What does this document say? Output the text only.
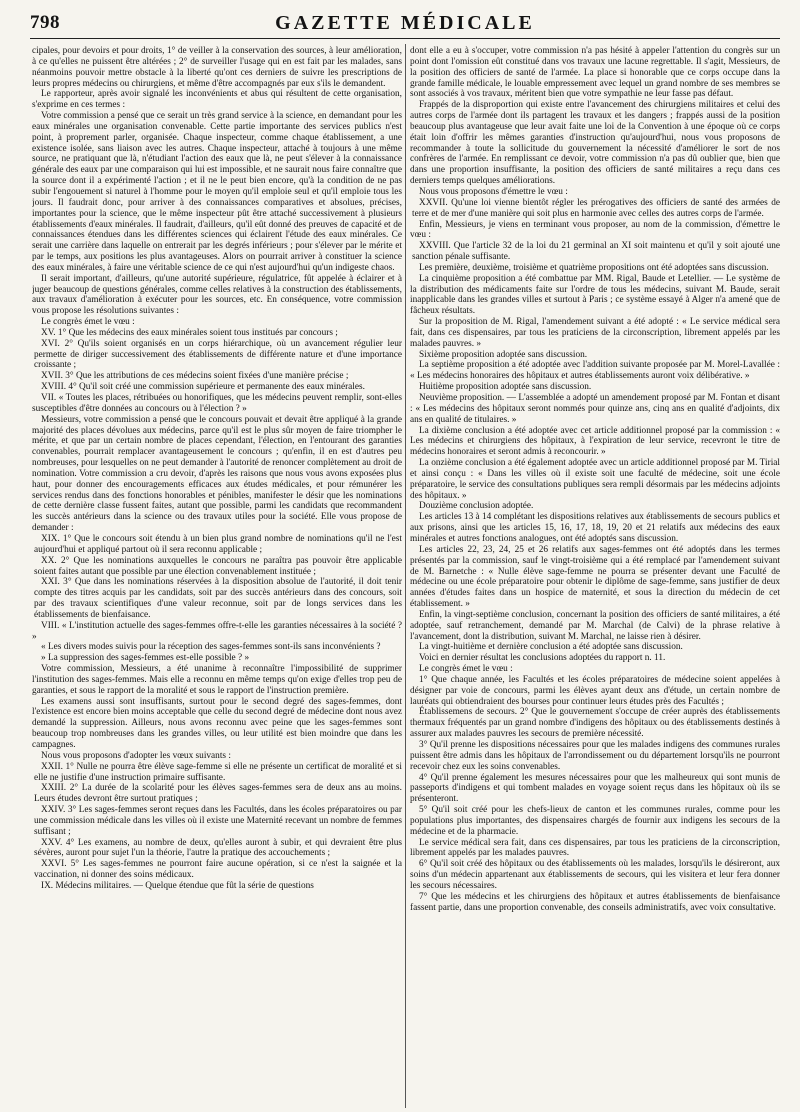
798	GAZETTE MÉDICALE

cipales, pour devoirs et pour droits, 1° de veiller à la conservation des sources, à leur amélioration, à ce qu'elles ne puissent être altérées ; 2° de surveiller l'usage qui en est fait par les malades, sans néanmoins pouvoir mettre obstacle à la liberté qu'ont ces derniers de suivre les prescriptions de leurs propres médecins ou chirurgiens, et même d'être accompagnés par eux s'ils le demandent.

Le rapporteur, après avoir signalé les inconvénients et abus qui résultent de cette organisation, s'exprime en ces termes :

Votre commission a pensé que ce serait un très grand service à la science, en demandant pour les eaux minérales une organisation convenable. Cette partie importante des services publics n'est point, à proprement parler, organisée. Chaque inspecteur, comme chaque établissement, a une existence isolée, sans liaison avec les autres. Chaque inspecteur, attaché à toujours à une même source, ne pratiquant que là, n'étudiant l'action des eaux que là, ne peut s'élever à la connaissance générale des eaux par une comparaison qui lui est impossible, et ne saurait nous faire connaître que la source dont il a expérimenté l'action ; et il ne le peut bien encore, qu'à la condition de ne pas subir l'engouement si naturel à l'homme pour le moyen qu'il emploie seul et qu'il emploie tous les jours. Il faudrait donc, pour arriver à des connaissances comparatives et absolues, précises, importantes pour la science, que le même inspecteur pût être attaché successivement à plusieurs établissements d'eaux minérales. Il faudrait, d'ailleurs, qu'il eût donné des preuves de capacité et de connaissances étendues dans les différentes sciences qui éclairent l'étude des eaux minérales. Ce serait une carrière dans laquelle on entrerait par les degrés inférieurs ; pour s'élever par le mérite et par le temps, aux positions les plus avantageuses. Alors on pourrait arriver à constituer la science des eaux minérales, à faire une véritable science de ce qui n'est aujourd'hui qu'un indigeste chaos.

Il serait important, d'ailleurs, qu'une autorité supérieure, régulatrice, fût appelée à éclairer et à juger beaucoup de questions générales, comme celles relatives à la construction des établissements, aux travaux d'amélioration à exécuter pour les sources, etc. En conséquence, votre commission vous propose les résolutions suivantes :

Le congrès émet le vœu :

XV. 1° Que les médecins des eaux minérales soient tous institués par concours ;

XVI. 2° Qu'ils soient organisés en un corps hiérarchique, où un avancement régulier leur permette de diriger successivement des établissements de différente nature et d'une importance croissante ;

XVII. 3° Que les attributions de ces médecins soient fixées d'une manière précise ;

XVIII. 4° Qu'il soit créé une commission supérieure et permanente des eaux minérales.

VII. « Toutes les places, rétribuées ou honorifiques, que les médecins peuvent remplir, sont-elles susceptibles d'être données au concours ou à l'élection ? »

Messieurs, votre commission a pensé que le concours pouvait et devait être appliqué à la grande majorité des places dévolues aux médecins, parce qu'il est le plus sûr moyen de faire triompher le mérite, et que par un certain nombre de places cependant, l'élection, en l'entourant des garanties convenables, pourrait remplacer avantageusement le concours ; qu'enfin, il en est d'autres peu nombreuses, pour lesquelles on ne peut demander à l'autorité de renoncer complètement au droit de nomination. Votre commission a cru devoir, d'après les raisons que nous vous avons exposées plus haut, pour donner des encouragements efficaces aux études médicales, et pour rémunérer les services rendus dans des fonctions honorables et pénibles, manifester le désir que les nominations de cette dernière classe fussent faites, autant que possible, parmi les candidats que recommandent les succès antérieurs dans la science ou des travaux utiles pour la société. Elle vous propose de demander :

XIX. 1° Que le concours soit étendu à un bien plus grand nombre de nominations qu'il ne l'est aujourd'hui et appliqué partout où il sera reconnu applicable ;

XX. 2° Que les nominations auxquelles le concours ne paraîtra pas pouvoir être applicable soient faites autant que possible par une élection convenablement instituée ;

XXI. 3° Que dans les nominations réservées à la disposition absolue de l'autorité, il doit tenir compte des titres acquis par les candidats, soit par des succès antérieurs dans des concours, soit par des travaux scientifiques d'une valeur reconnue, soit par de longs services dans les établissements de bienfaisance.

VIII. « L'institution actuelle des sages-femmes offre-t-elle les garanties nécessaires à la société ? »

« Les divers modes suivis pour la réception des sages-femmes sont-ils sans inconvénients ?

» La suppression des sages-femmes est-elle possible ? »

Votre commission, Messieurs, a été unanime à reconnaître l'impossibilité de supprimer l'institution des sages-femmes. Mais elle a reconnu en même temps qu'on exige d'elles trop peu de garanties, et sous le rapport de la moralité et sous le rapport de l'instruction première.

Les examens aussi sont insuffisants, surtout pour le second degré des sages-femmes, dont l'existence est encore bien moins acceptable que celle du second degré de médecine dont nous avez demandé la suppression. Ailleurs, nous avons reconnu avec peine que les sages-femmes sont beaucoup trop nombreuses dans les grandes villes, ou leur utilité est bien moindre que dans les campagnes.

Nous vous proposons d'adopter les vœux suivants :

XXII. 1° Nulle ne pourra être élève sage-femme si elle ne présente un certificat de moralité et si elle ne justifie d'une instruction primaire suffisante.

XXIII. 2° La durée de la scolarité pour les élèves sages-femmes sera de deux ans au moins. Leurs études devront être surtout pratiques ;

XXIV. 3° Les sages-femmes seront reçues dans les Facultés, dans les écoles préparatoires ou par une commission médicale dans les villes où il existe une Maternité recevant un nombre de femmes suffisant ;

XXV. 4° Les examens, au nombre de deux, qu'elles auront à subir, et qui devraient être plus sévères, auront pour sujet l'un la théorie, l'autre la pratique des accouchements ;

XXVI. 5° Les sages-femmes ne pourront faire aucune opération, si ce n'est la saignée et la vaccination, ni donner des soins médicaux.

IX. Médecins militaires. — Quelque étendue que fût la série de questions

dont elle a eu à s'occuper, votre commission n'a pas hésité à appeler l'attention du congrès sur un point dont l'omission eût constitué dans vos travaux une lacune regrettable. Il s'agit, Messieurs, de la position des officiers de santé de l'armée. La place si honorable que ce corps occupe dans la grande famille médicale, le louable empressement avec lequel un grand nombre de ses membres se sont associés à vos travaux, méritent bien que votre sympathie ne leur fasse pas défaut.

Frappés de la disproportion qui existe entre l'avancement des chirurgiens militaires et celui des autres corps de l'armée dont ils partagent les travaux et les dangers ; frappés aussi de la position beaucoup plus avantageuse que leur avait faite une loi de la Convention à une époque où ce corps était loin d'offrir les mêmes garanties d'instruction qu'aujourd'hui, nous vous proposons de recommander à toute la sollicitude du gouvernement la nécessité d'améliorer le sort de nos confrères de l'armée. En remplissant ce devoir, votre commission n'a pas dû oublier que, bien que dans une proportion insuffisante, la position des officiers de santé militaires a reçu dans ces derniers temps quelques améliorations.

Nous vous proposons d'émettre le vœu :

XXVII. Qu'une loi vienne bientôt régler les prérogatives des officiers de santé des armées de terre et de mer d'une manière qui soit plus en harmonie avec celles des autres corps de l'armée.

Enfin, Messieurs, je viens en terminant vous proposer, au nom de la commission, d'émettre le vœu :

XXVIII. Que l'article 32 de la loi du 21 germinal an XI soit maintenu et qu'il y soit ajouté une sanction pénale suffisante.

Les première, deuxième, troisième et quatrième propositions ont été adoptées sans discussion.

La cinquième proposition a été combattue par MM. Rigal, Baude et Letellier. — Le système de la distribution des médicaments faite sur l'ordre de tous les médecins, suivant M. Baude, serait inapplicable dans les grandes villes et surtout à Paris ; ce système essayé à Alger n'a amené que de fâcheux résultats.

Sur la proposition de M. Rigal, l'amendement suivant a été adopté : « Le service médical sera fait, dans ces dispensaires, par tous les praticiens de la circonscription, librement appelés par les malades pauvres. »

Sixième proposition adoptée sans discussion.

La septième proposition a été adoptée avec l'addition suivante proposée par M. Morel-Lavallée : « Les médecins honoraires des hôpitaux et autres établissements auront voix délibérative. »

Huitième proposition adoptée sans discussion.

Neuvième proposition. — L'assemblée a adopté un amendement proposé par M. Fontan et disant : « Les médecins des hôpitaux seront nommés pour quinze ans, cinq ans en qualité d'adjoints, dix ans en qualité de titulaires. »

La dixième conclusion a été adoptée avec cet article additionnel proposé par la commission : « Les médecins et chirurgiens des hôpitaux, à l'expiration de leur service, recevront le titre de médecins honoraires et seront admis à reconcourir. »

La onzième conclusion a été également adoptée avec un article additionnel proposé par M. Tirial et ainsi conçu : « Dans les villes où il existe soit une faculté de médecine, soit une école préparatoire, le service des consultations publiques sera rempli désormais par les médecins adjoints des hôpitaux. »

Douzième conclusion adoptée.

Les articles 13 à 14 complétant les dispositions relatives aux établissements de secours publics et aux prisons, ainsi que les articles 15, 16, 17, 18, 19, 20 et 21 relatifs aux médecins des eaux minérales et autres fonctions analogues, ont été adoptés sans discussion.

Les articles 22, 23, 24, 25 et 26 relatifs aux sages-femmes ont été adoptés dans les termes présentés par la commission, sauf le vingt-troisième qui a été remplacé par l'amendement suivant de M. Barnetche : « Nulle élève sage-femme ne pourra se présenter devant une Faculté de médecine ou une école préparatoire pour obtenir le diplôme de sage-femme, sans justifier de deux années d'études faites dans un hospice de maternité, et sous la direction du médecin de cet établissement. »

Enfin, la vingt-septième conclusion, concernant la position des officiers de santé militaires, a été adoptée, sauf retranchement, demandé par M. Marchal (de Calvi) de la phrase relative à l'avancement, dont la distribution, suivant M. Marchal, ne laisse rien à désirer.

La vingt-huitième et dernière conclusion a été adoptée sans discussion.

Voici en dernier résultat les conclusions adoptées du rapport n. 11.

Le congrès émet le vœu :

1° Que chaque année, les Facultés et les écoles préparatoires de médecine soient appelées à désigner par voie de concours, parmi les élèves ayant deux ans d'étude, un certain nombre de lauréats qui obtiendraient des bourses pour continuer leurs études près des Facultés ;

Établissemens de secours. 2° Que le gouvernement s'occupe de créer auprès des établissements thermaux fréquentés par un grand nombre d'indigens des hôpitaux ou des établissements destinés à assurer aux malades pauvres les secours de première nécessité.

3° Qu'il prenne les dispositions nécessaires pour que les malades indigens des communes rurales puissent être admis dans les hôpitaux de l'arrondissement ou du département lorsqu'ils ne pourront recevoir chez eux les soins convenables.

4° Qu'il prenne également les mesures nécessaires pour que les malheureux qui sont munis de passeports d'indigens et qui tombent malades en voyage soient reçus dans les hôpitaux où ils se présenteront.

5° Qu'il soit créé pour les chefs-lieux de canton et les communes rurales, comme pour les populations plus importantes, des dispensaires chargés de fournir aux indigens les secours de la médecine et de la pharmacie.

Le service médical sera fait, dans ces dispensaires, par tous les praticiens de la circonscription, librement appelés par les malades pauvres.

6° Qu'il soit créé des hôpitaux ou des établissements où les malades, lorsqu'ils le désireront, aux soins d'un médecin appartenant aux établissements de secours, qui les visitera et leur fera donner les secours nécessaires.

7° Que les médecins et les chirurgiens des hôpitaux et autres établissements de bienfaisance fassent partie, dans une proportion convenable, des conseils administratifs, avec voix consultative.
